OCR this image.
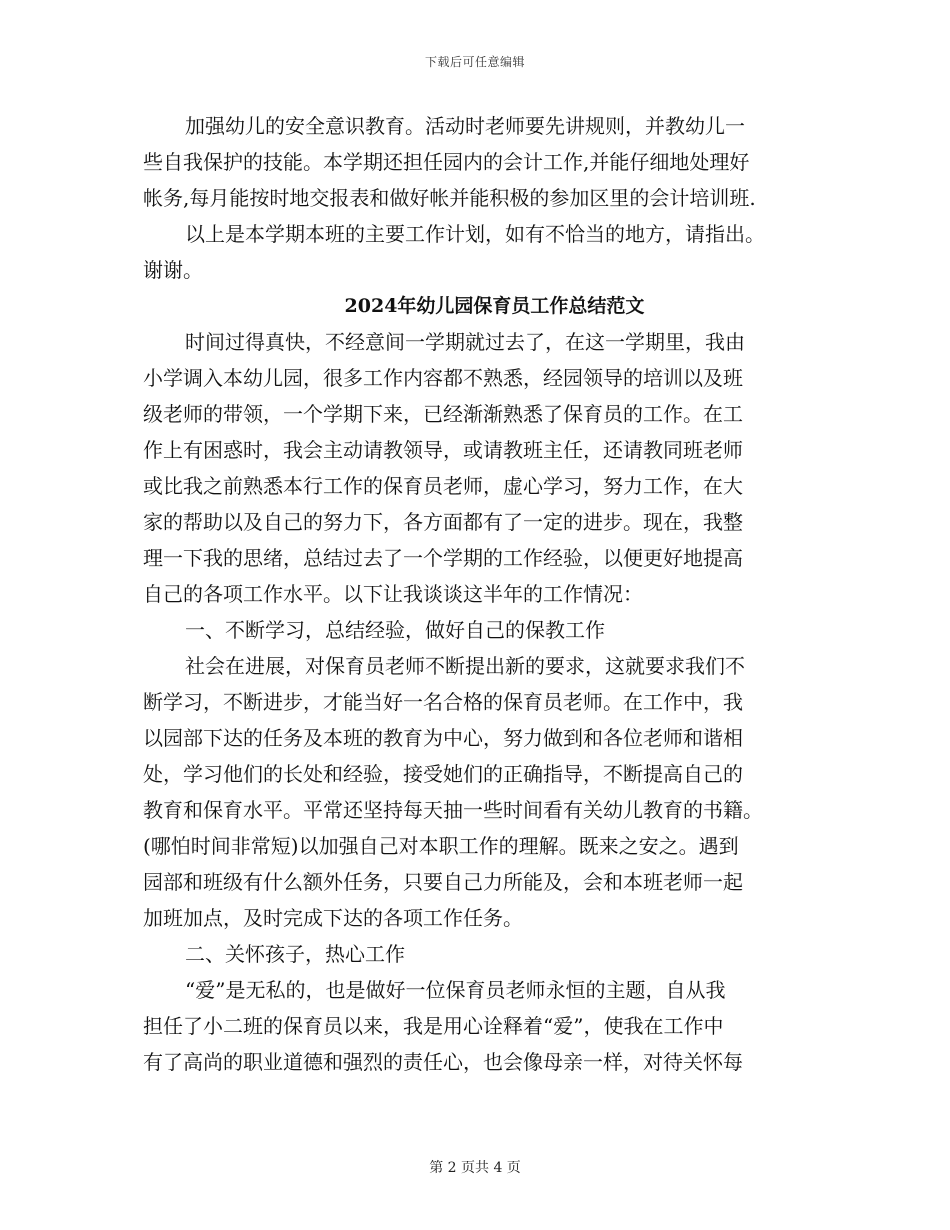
下载后可任意编辑
加强幼儿的安全意识教育。活动时老师要先讲规则，并教幼儿一
些自我保护的技能。本学期还担任园内的会计工作,并能仔细地处理好
帐务,每月能按时地交报表和做好帐并能积极的参加区里的会计培训班.
以上是本学期本班的主要工作计划，如有不恰当的地方，请指出。
谢谢。
2024年幼儿园保育员工作总结范文
时间过得真快，不经意间一学期就过去了，在这一学期里，我由
小学调入本幼儿园，很多工作内容都不熟悉，经园领导的培训以及班
级老师的带领，一个学期下来，已经渐渐熟悉了保育员的工作。在工
作上有困惑时，我会主动请教领导，或请教班主任，还请教同班老师
或比我之前熟悉本行工作的保育员老师，虚心学习，努力工作，在大
家的帮助以及自己的努力下，各方面都有了一定的进步。现在，我整
理一下我的思绪，总结过去了一个学期的工作经验，以便更好地提高
自己的各项工作水平。以下让我谈谈这半年的工作情况：
一、不断学习，总结经验，做好自己的保教工作
社会在进展，对保育员老师不断提出新的要求，这就要求我们不
断学习，不断进步，才能当好一名合格的保育员老师。在工作中，我
以园部下达的任务及本班的教育为中心，努力做到和各位老师和谐相
处，学习他们的长处和经验，接受她们的正确指导，不断提高自己的
教育和保育水平。平常还坚持每天抽一些时间看有关幼儿教育的书籍。
(哪怕时间非常短)以加强自己对本职工作的理解。既来之安之。遇到
园部和班级有什么额外任务，只要自己力所能及，会和本班老师一起
加班加点，及时完成下达的各项工作任务。
二、关怀孩子，热心工作
“爱”是无私的，也是做好一位保育员老师永恒的主题，自从我
担任了小二班的保育员以来，我是用心诠释着“爱”，使我在工作中
有了高尚的职业道德和强烈的责任心，也会像母亲一样，对待关怀每
第 2 页共 4 页
